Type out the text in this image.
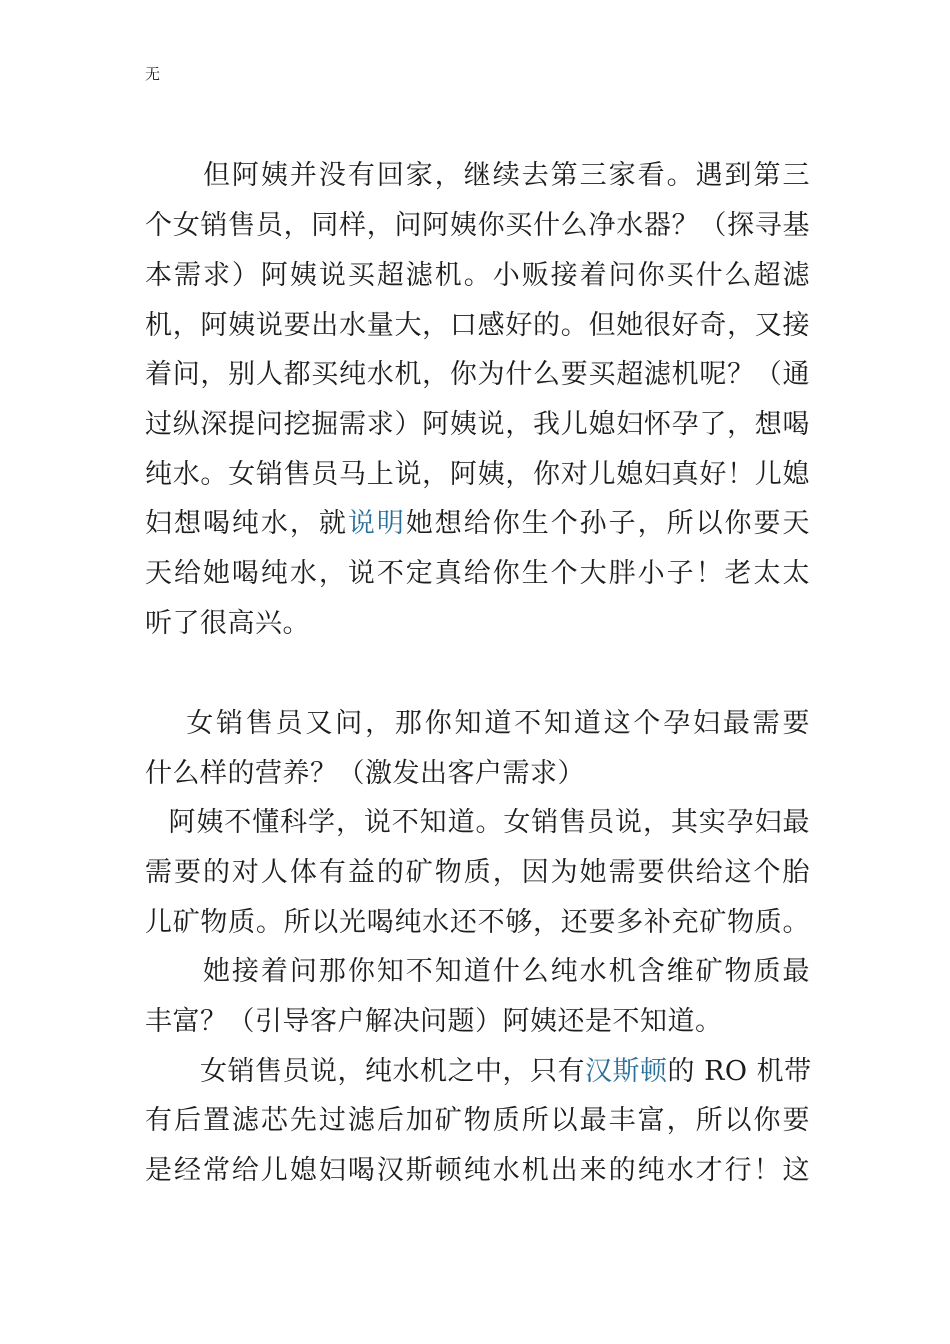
无
　　但阿姨并没有回家，继续去第三家看。遇到第三
个女销售员，同样，问阿姨你买什么净水器？（探寻基
本需求）阿姨说买超滤机。小贩接着问你买什么超滤
机，阿姨说要出水量大，口感好的。但她很好奇，又接
着问，别人都买纯水机，你为什么要买超滤机呢？（通
过纵深提问挖掘需求）阿姨说，我儿媳妇怀孕了，想喝
纯水。女销售员马上说，阿姨，你对儿媳妇真好！儿媳
妇想喝纯水，就说明她想给你生个孙子，所以你要天
天给她喝纯水，说不定真给你生个大胖小子！老太太
听了很高兴。
　 女销售员又问，那你知道不知道这个孕妇最需要
什么样的营养？（激发出客户需求）
  阿姨不懂科学，说不知道。女销售员说，其实孕妇最
需要的对人体有益的矿物质，因为她需要供给这个胎
儿矿物质。所以光喝纯水还不够，还要多补充矿物质。
　　她接着问那你知不知道什么纯水机含维矿物质最
丰富？（引导客户解决问题）阿姨还是不知道。
　　女销售员说，纯水机之中，只有汉斯顿的 RO 机带
有后置滤芯先过滤后加矿物质所以最丰富，所以你要
是经常给儿媳妇喝汉斯顿纯水机出来的纯水才行！这
